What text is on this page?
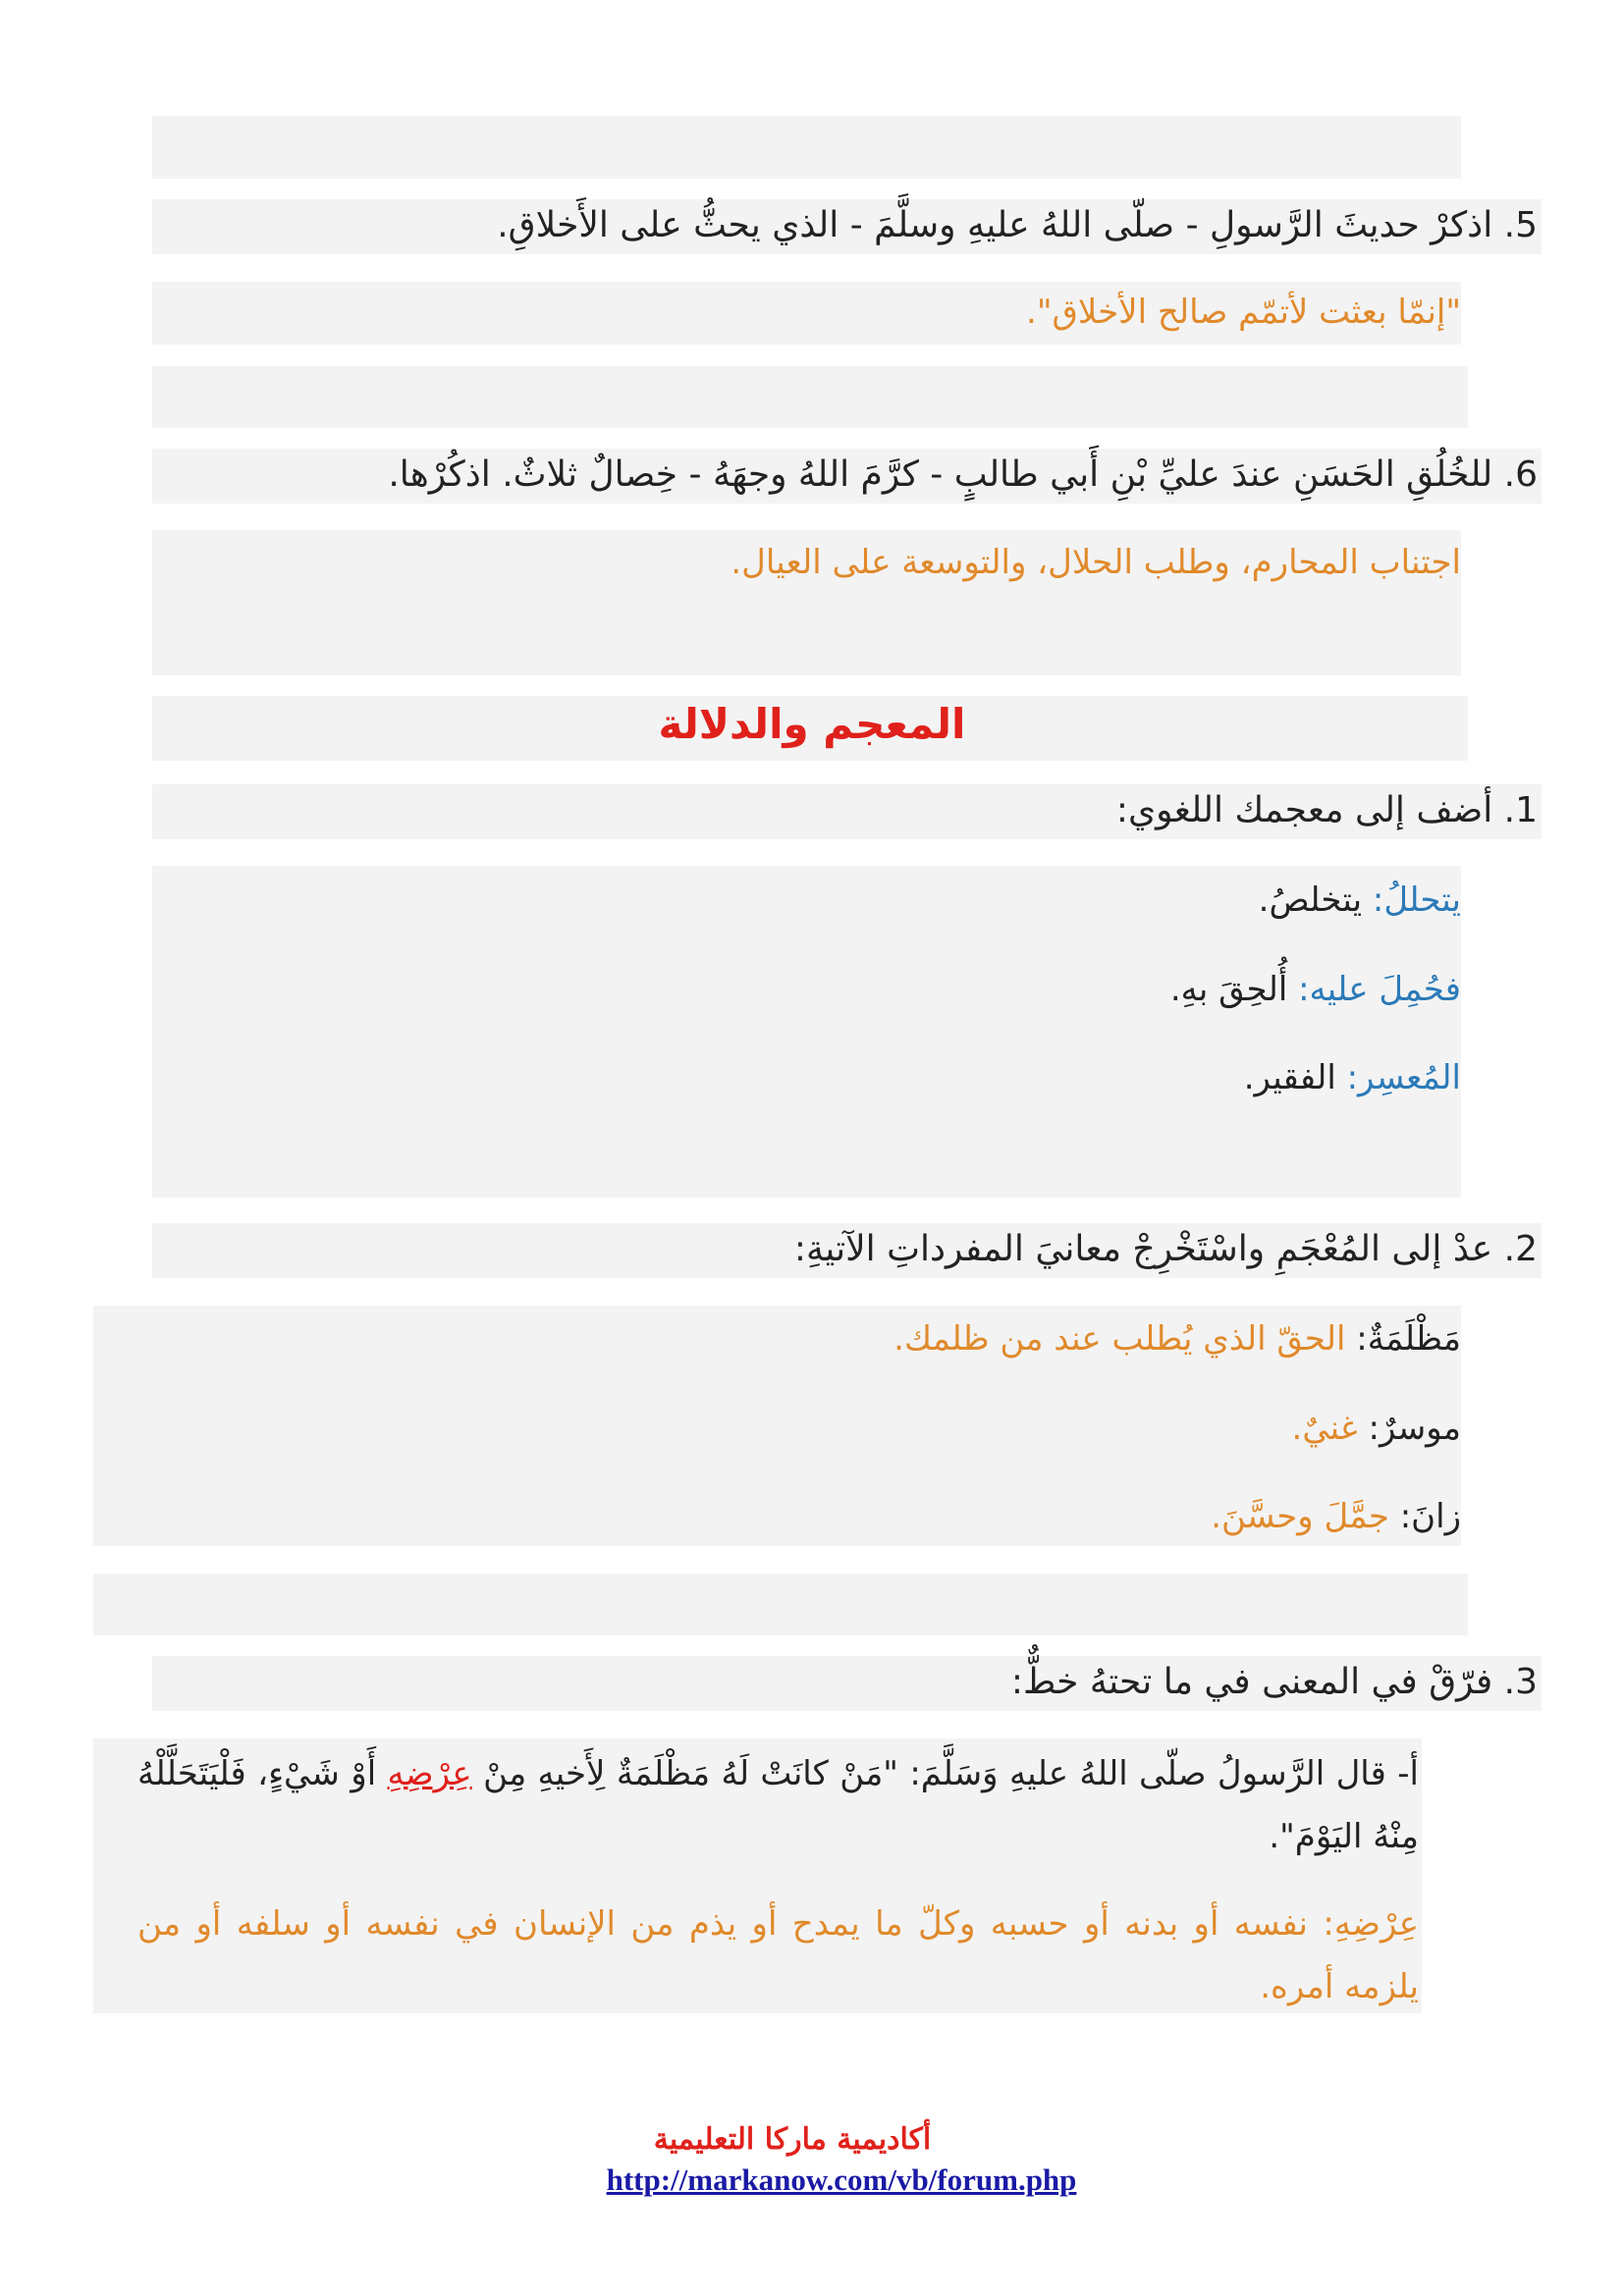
5. اذكرْ حديثَ الرَّسولِ - صلّى اللهُ عليهِ وسلَّمَ - الذي يحثُّ على الأَخلاقِ.
"إنمّا بعثت لأتمّم صالح الأخلاق".
6. للخُلُقِ الحَسَنِ عندَ عليِّ بْنِ أَبي طالبٍ - كرَّمَ اللهُ وجهَهُ - خِصالٌ ثلاثٌ. اذكُرْها.
اجتناب المحارم، وطلب الحلال، والتوسعة على العيال.
المعجم والدلالة
1. أضف إلى معجمك اللغوي:
يتحللُ: يتخلصُ.
فحُمِلَ عليه: أُلحِقَ بهِ.
المُعسِر: الفقير.
2. عدْ إلى المُعْجَمِ واسْتَخْرِجْ معانيَ المفرداتِ الآتيةِ:
مَظْلَمَةٌ: الحقّ الذي يُطلب عند من ظلمك.
موسرٌ: غنيٌ.
زانَ: جمَّلَ وحسَّنَ.
3. فرّقْ في المعنى في ما تحتهُ خطٌّ:
أ- قال الرَّسولُ صلّى اللهُ عليهِ وَسَلَّمَ: "مَنْ كانَتْ لَهُ مَظْلَمَةٌ لِأَخيهِ مِنْ عِرْضِهِ أَوْ شَيْءٍ، فَلْيَتَحَلَّلْهُ مِنْهُ اليَوْمَ".
عِرْضِهِ: نفسه أو بدنه أو حسبه وكلّ ما يمدح أو يذم من الإنسان في نفسه أو سلفه أو من يلزمه أمره.
أكاديمية ماركا التعليمية
http://markanow.com/vb/forum.php
